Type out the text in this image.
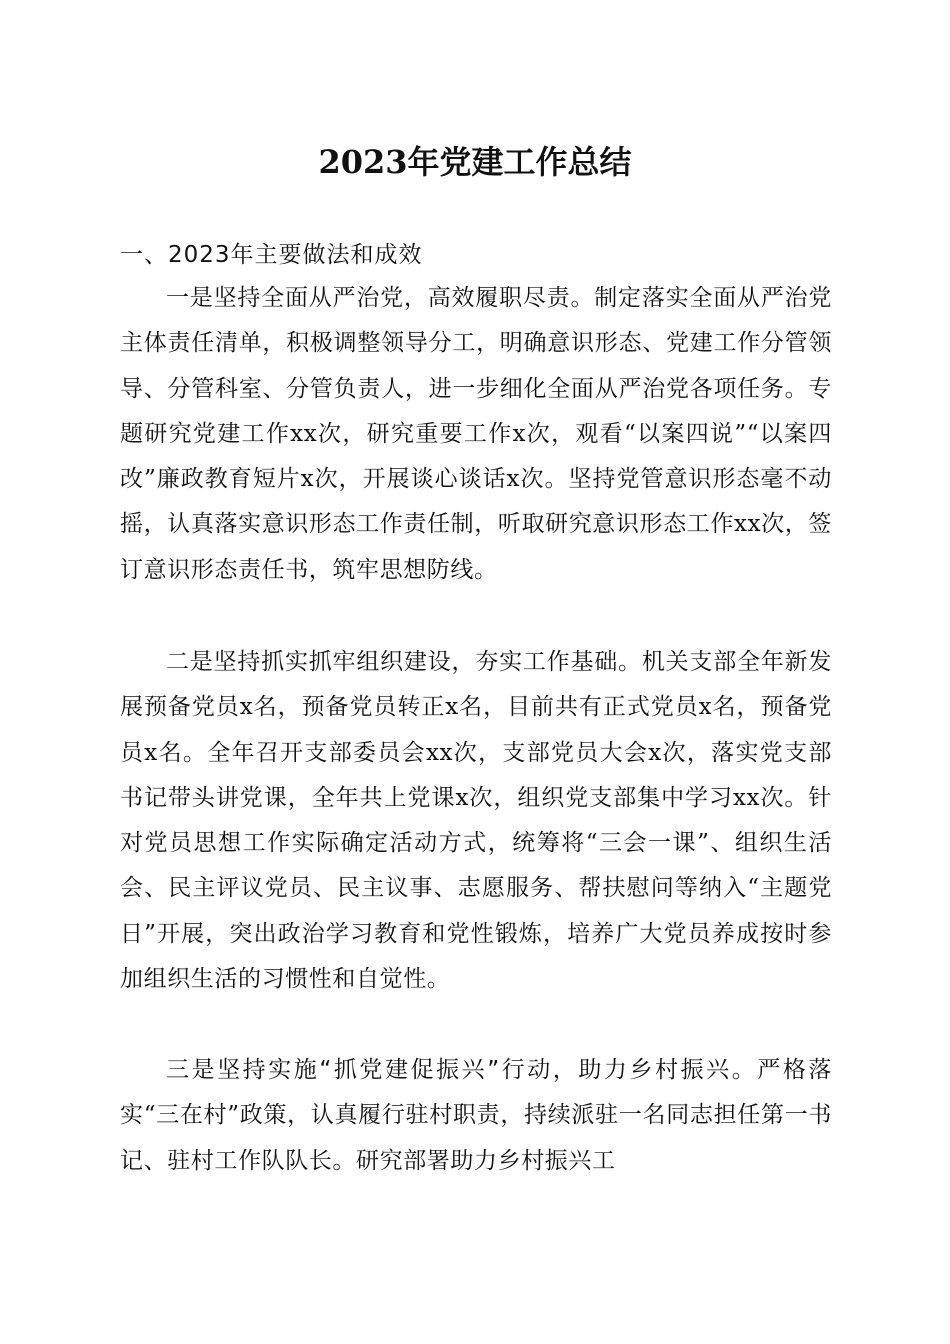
2023年党建工作总结
一、2023年主要做法和成效

一是坚持全面从严治党，高效履职尽责。制定落实全面从严治党主体责任清单，积极调整领导分工，明确意识形态、党建工作分管领导、分管科室、分管负责人，进一步细化全面从严治党各项任务。专题研究党建工作xx次，研究重要工作x次，观看“以案四说”“以案四改”廉政教育短片x次，开展谈心谈话x次。坚持党管意识形态毫不动摇，认真落实意识形态工作责任制，听取研究意识形态工作xx次，签订意识形态责任书，筑牢思想防线。

二是坚持抓实抓牢组织建设，夯实工作基础。机关支部全年新发展预备党员x名，预备党员转正x名，目前共有正式党员x名，预备党员x名。全年召开支部委员会xx次，支部党员大会x次，落实党支部书记带头讲党课，全年共上党课x次，组织党支部集中学习xx次。针对党员思想工作实际确定活动方式，统筹将“三会一课”、组织生活会、民主评议党员、民主议事、志愿服务、帮扶慰问等纳入“主题党日”开展，突出政治学习教育和党性锻炼，培养广大党员养成按时参加组织生活的习惯性和自觉性。

三是坚持实施“抓党建促振兴”行动，助力乡村振兴。严格落实“三在村”政策，认真履行驻村职责，持续派驻一名同志担任第一书记、驻村工作队队长。研究部署助力乡村振兴工
